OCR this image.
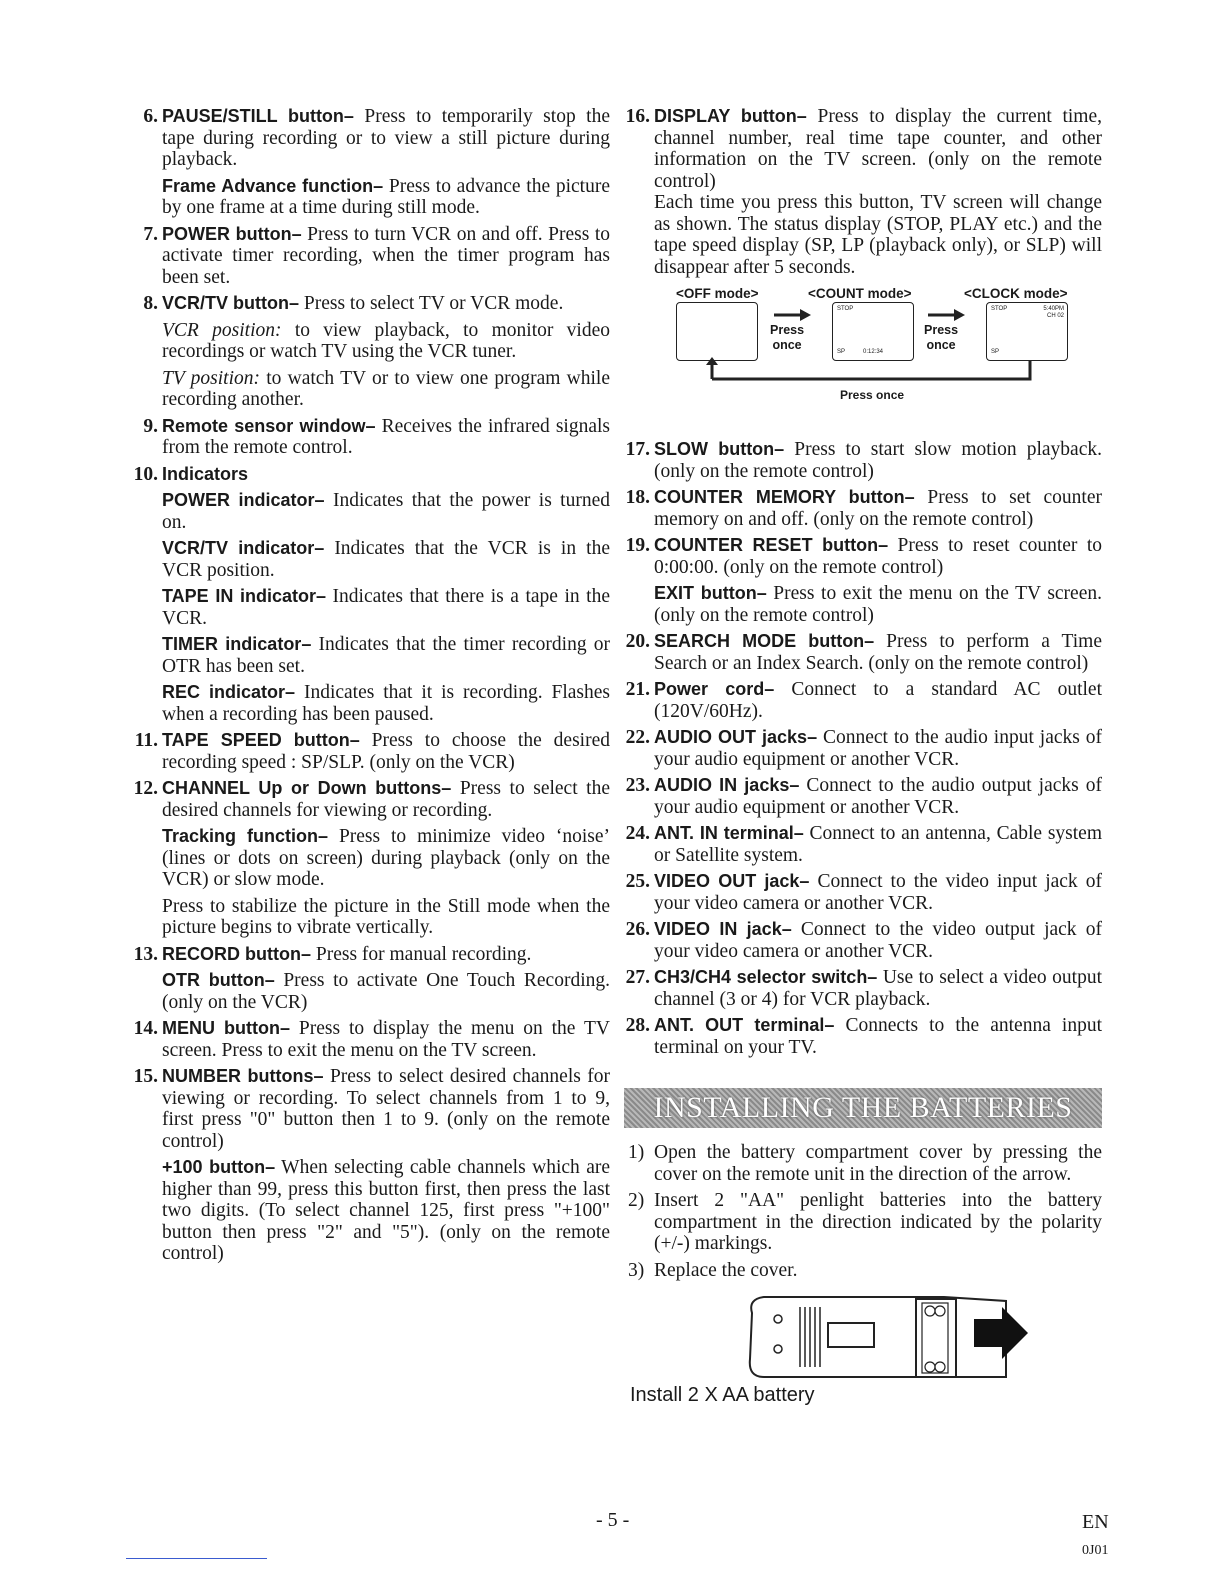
6. PAUSE/STILL button– Press to temporarily stop the tape during recording or to view a still picture during playback.
Frame Advance function– Press to advance the picture by one frame at a time during still mode.
7. POWER button– Press to turn VCR on and off. Press to activate timer recording, when the timer program has been set.
8. VCR/TV button– Press to select TV or VCR mode.
VCR position: to view playback, to monitor video recordings or watch TV using the VCR tuner.
TV position: to watch TV or to view one program while recording another.
9. Remote sensor window– Receives the infrared signals from the remote control.
10. Indicators
POWER indicator– Indicates that the power is turned on.
VCR/TV indicator– Indicates that the VCR is in the VCR position.
TAPE IN indicator– Indicates that there is a tape in the VCR.
TIMER indicator– Indicates that the timer recording or OTR has been set.
REC indicator– Indicates that it is recording. Flashes when a recording has been paused.
11. TAPE SPEED button– Press to choose the desired recording speed : SP/SLP. (only on the VCR)
12. CHANNEL Up or Down buttons– Press to select the desired channels for viewing or recording.
Tracking function– Press to minimize video ‘noise’ (lines or dots on screen) during playback (only on the VCR) or slow mode.
Press to stabilize the picture in the Still mode when the picture begins to vibrate vertically.
13. RECORD button– Press for manual recording.
OTR button– Press to activate One Touch Recording. (only on the VCR)
14. MENU button– Press to display the menu on the TV screen. Press to exit the menu on the TV screen.
15. NUMBER buttons– Press to select desired channels for viewing or recording. To select channels from 1 to 9, first press "0" button then 1 to 9. (only on the remote control)
+100 button– When selecting cable channels which are higher than 99, press this button first, then press the last two digits. (To select channel 125, first press "+100" button then press "2" and "5"). (only on the remote control)
16. DISPLAY button– Press to display the current time, channel number, real time tape counter, and other information on the TV screen. (only on the remote control)
Each time you press this button, TV screen will change as shown. The status display (STOP, PLAY etc.) and the tape speed display (SP, LP (playback only), or SLP) will disappear after 5 seconds.
<OFF mode>	<COUNT mode>	<CLOCK mode>
Press
once
STOP
SP	0:12:34
Press
once
STOP	5:40PM
CH 02
SP
Press once
17. SLOW button– Press to start slow motion playback. (only on the remote control)
18. COUNTER MEMORY button– Press to set counter memory on and off. (only on the remote control)
19. COUNTER RESET button– Press to reset counter to 0:00:00. (only on the remote control)
EXIT button– Press to exit the menu on the TV screen. (only on the remote control)
20. SEARCH MODE button– Press to perform a Time Search or an Index Search. (only on the remote control)
21. Power cord– Connect to a standard AC outlet (120V/60Hz).
22. AUDIO OUT jacks– Connect to the audio input jacks of your audio equipment or another VCR.
23. AUDIO IN jacks– Connect to the audio output jacks of your audio equipment or another VCR.
24. ANT. IN terminal– Connect to an antenna, Cable system or Satellite system.
25. VIDEO OUT jack– Connect to the video input jack of your video camera or another VCR.
26. VIDEO IN jack– Connect to the video output jack of your video camera or another VCR.
27. CH3/CH4 selector switch– Use to select a video output channel (3 or 4) for VCR playback.
28. ANT. OUT terminal– Connects to the antenna input terminal on your TV.
INSTALLING THE BATTERIES
1) Open the battery compartment cover by pressing the cover on the remote unit in the direction of the arrow.
2) Insert 2 "AA" penlight batteries into the battery compartment in the direction indicated by the polarity (+/-) markings.
3) Replace the cover.
Install 2 X AA battery
- 5 -	EN
0J01
